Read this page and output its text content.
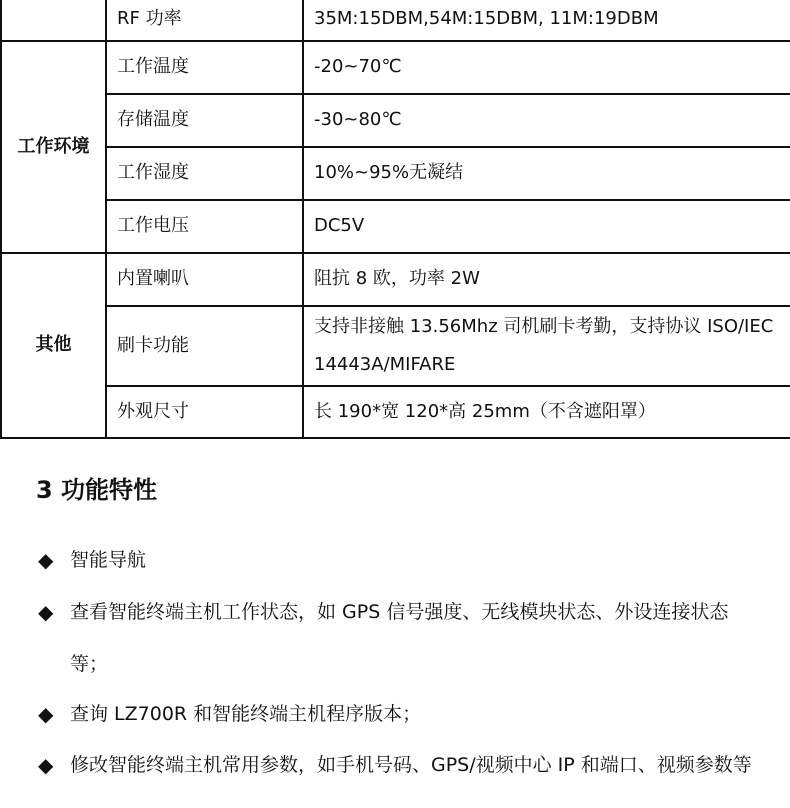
	RF 功率	35M:15DBM,54M:15DBM, 11M:19DBM
工作环境	工作温度	-20~70℃
	存储温度	-30~80℃
	工作湿度	10%~95%无凝结
	工作电压	DC5V
其他	内置喇叭	阻抗 8 欧，功率 2W
	刷卡功能	支持非接触 13.56Mhz 司机刷卡考勤，支持协议 ISO/IEC 14443A/MIFARE
	外观尺寸	长 190*宽 120*高 25mm（不含遮阳罩）
3 功能特性
◆ 智能导航
◆ 查看智能终端主机工作状态，如 GPS 信号强度、无线模块状态、外设连接状态等；
◆ 查询 LZ700R 和智能终端主机程序版本；
◆ 修改智能终端主机常用参数，如手机号码、GPS/视频中心 IP 和端口、视频参数等
